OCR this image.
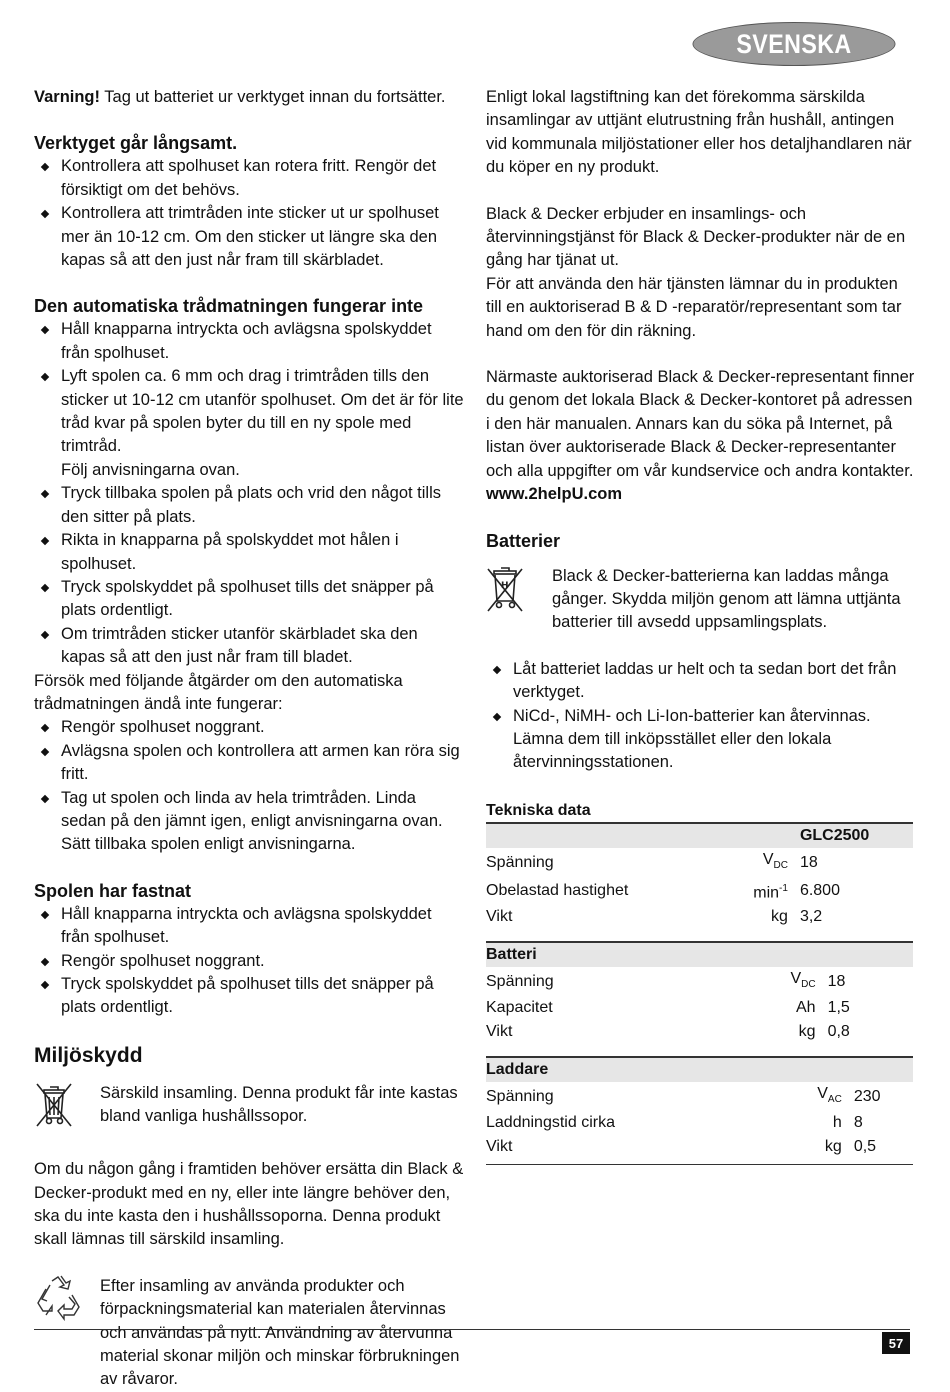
SVENSKA

Varning! Tag ut batteriet ur verktyget innan du fortsätter.

Verktyget går långsamt.
Kontrollera att spolhuset kan rotera fritt. Rengör det försiktigt om det behövs.
Kontrollera att trimtråden inte sticker ut ur spolhuset mer än 10-12 cm. Om den sticker ut längre ska den kapas så att den just når fram till skärbladet.
Den automatiska trådmatningen fungerar inte
Håll knapparna intryckta och avlägsna spolskyddet från spolhuset.
Lyft spolen ca. 6 mm och drag i trimtråden tills den sticker ut 10-12 cm utanför spolhuset. Om det är för lite tråd kvar på spolen byter du till en ny spole med trimtråd.
Följ anvisningarna ovan.
Tryck tillbaka spolen på plats och vrid den något tills den sitter på plats.
Rikta in knapparna på spolskyddet mot hålen i spolhuset.
Tryck spolskyddet på spolhuset tills det snäpper på plats ordentligt.
Om trimtråden sticker utanför skärbladet ska den kapas så att den just når fram till bladet.

Försök med följande åtgärder om den automatiska trådmatningen ändå inte fungerar:

Rengör spolhuset noggrant.
Avlägsna spolen och kontrollera att armen kan röra sig fritt.
Tag ut spolen och linda av hela trimtråden. Linda sedan på den jämnt igen, enligt anvisningarna ovan. Sätt tillbaka spolen enligt anvisningarna.
Spolen har fastnat
Håll knapparna intryckta och avlägsna spolskyddet från spolhuset.
Rengör spolhuset noggrant.
Tryck spolskyddet på spolhuset tills det snäpper på plats ordentligt.
Miljöskydd

Särskild insamling. Denna produkt får inte kastas bland vanliga hushållssopor.

Om du någon gång i framtiden behöver ersätta din Black & Decker-produkt med en ny, eller inte längre behöver den, ska du inte kasta den i hushållssoporna. Denna produkt skall lämnas till särskild insamling.

Efter insamling av använda produkter och förpackningsmaterial kan materialen återvinnas och användas på nytt. Användning av återvunna material skonar miljön och minskar förbrukningen av råvaror.

Enligt lokal lagstiftning kan det förekomma särskilda insamlingar av uttjänt elutrustning från hushåll, antingen vid kommunala miljöstationer eller hos detaljhandlaren när du köper en ny produkt.

Black & Decker erbjuder en insamlings- och återvinningstjänst för Black & Decker-produkter när de en gång har tjänat ut.

För att använda den här tjänsten lämnar du in produkten till en auktoriserad B & D -reparatör/representant som tar hand om den för din räkning.

Närmaste auktoriserad Black & Decker-representant finner du genom det lokala Black & Decker-kontoret på adressen i den här manualen. Annars kan du söka på Internet, på listan över auktoriserade Black & Decker-representanter och alla uppgifter om vår kundservice och andra kontakter.

www.2helpU.com

Batterier
H

Black & Decker-batterierna kan laddas många gånger. Skydda miljön genom att lämna uttjänta batterier till avsedd uppsamlingsplats.

Låt batteriet laddas ur helt och ta sedan bort det från verktyget.
NiCd-, NiMH- och Li-Ion-batterier kan återvinnas. Lämna dem till inköpsstället eller den lokala återvinningsstationen.
Tekniska data
		GLC2500
Spänning	$V_{DC}$	18
Obelastad hastighet	$\min^{-1}$	6.800
Vikt	kg	3,2
Batteri		
Spänning	$V_{DC}$	18
Kapacitet	Ah	1,5
Vikt	kg	0,8
Laddare		
Spänning	$V_{AC}$	230
Laddningstid cirka	h	8
Vikt	kg	0,5

57
